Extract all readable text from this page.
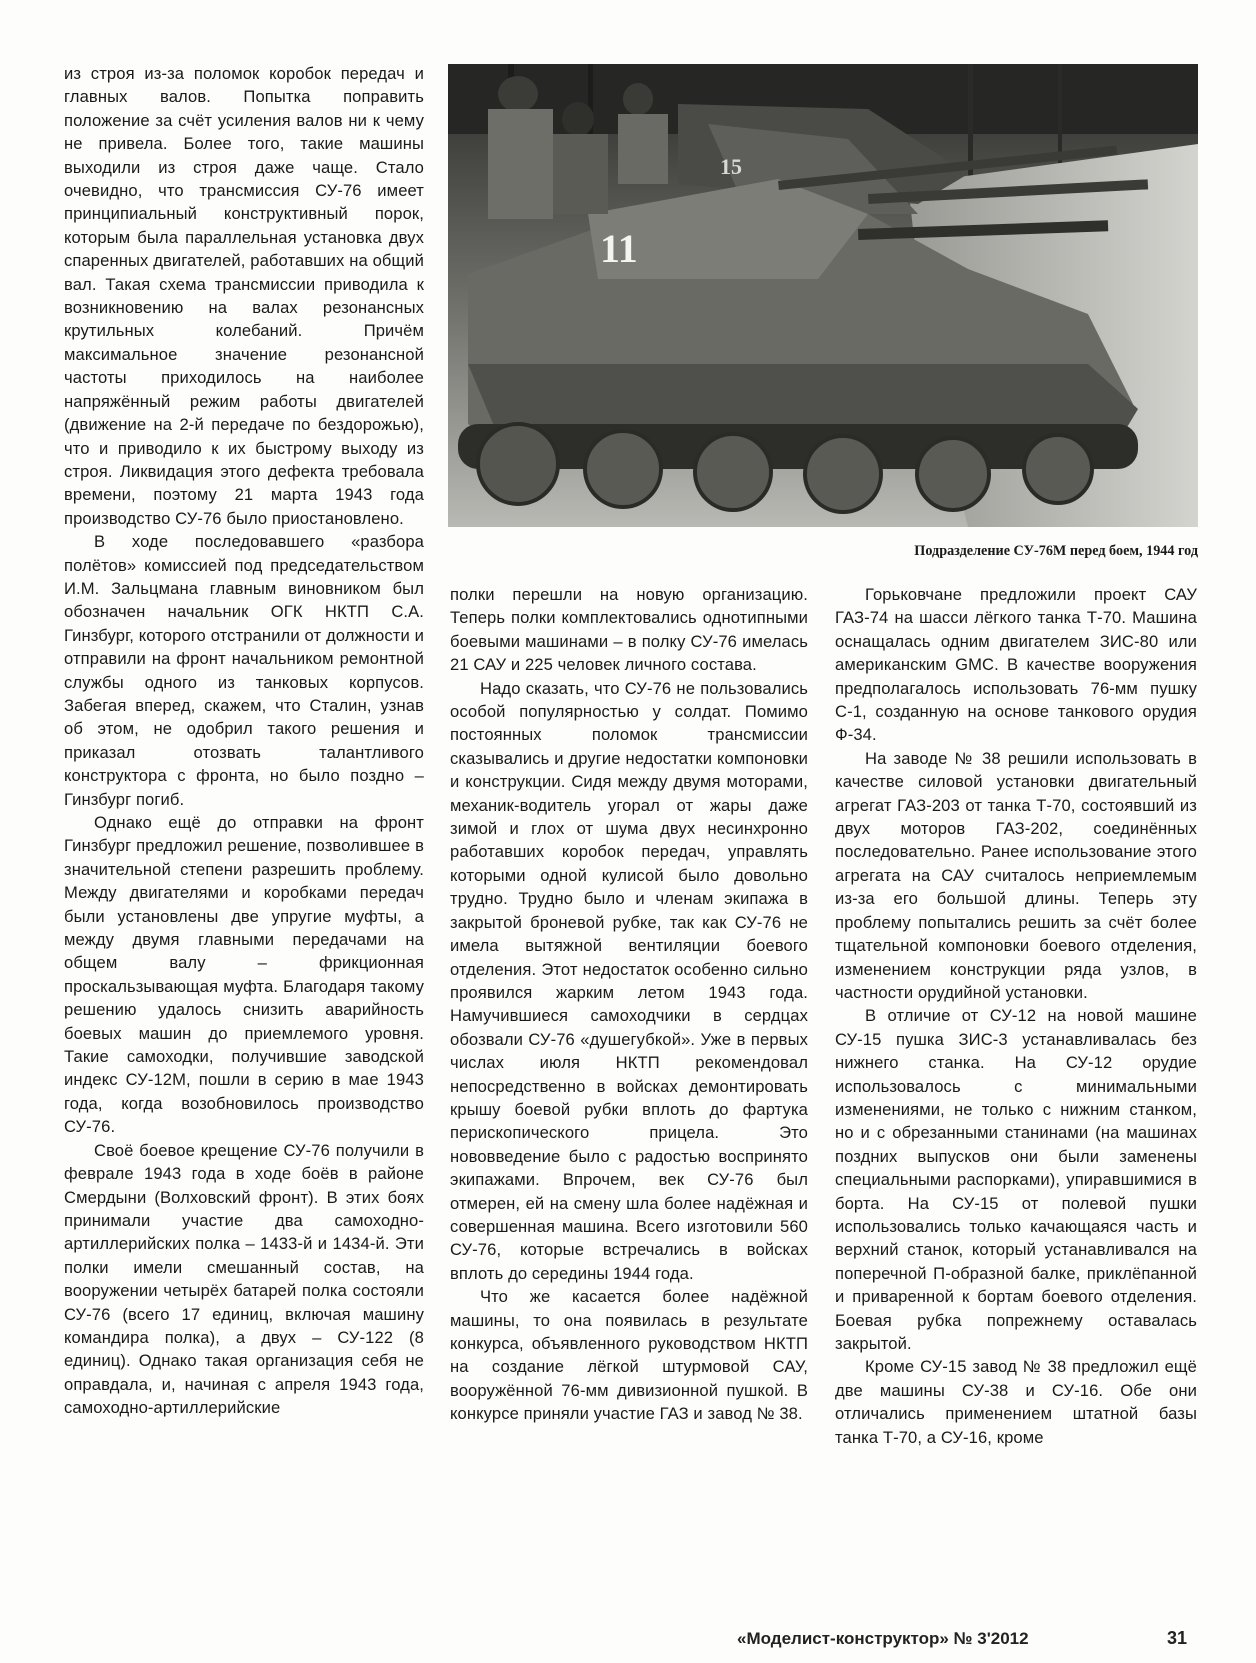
из строя из-за поломок коробок передач и главных валов. Попытка поправить положение за счёт усиления валов ни к чему не привела. Более того, такие машины выходили из строя даже чаще. Стало очевидно, что трансмиссия СУ-76 имеет принципиальный конструктивный порок, которым была параллельная установка двух спаренных двигателей, работавших на общий вал. Такая схема трансмиссии приводила к возникновению на валах резонансных крутильных колебаний. Причём максимальное значение резонансной частоты приходилось на наиболее напряжённый режим работы двигателей (движение на 2-й передаче по бездорожью), что и приводило к их быстрому выходу из строя. Ликвидация этого дефекта требовала времени, поэтому 21 марта 1943 года производство СУ-76 было приостановлено.

В ходе последовавшего «разбора полётов» комиссией под председательством И.М. Зальцмана главным виновником был обозначен начальник ОГК НКТП С.А. Гинзбург, которого отстранили от должности и отправили на фронт начальником ремонтной службы одного из танковых корпусов. Забегая вперед, скажем, что Сталин, узнав об этом, не одобрил такого решения и приказал отозвать талантливого конструктора с фронта, но было поздно – Гинзбург погиб.

Однако ещё до отправки на фронт Гинзбург предложил решение, позволившее в значительной степени разрешить проблему. Между двигателями и коробками передач были установлены две упругие муфты, а между двумя главными передачами на общем валу – фрикционная проскальзывающая муфта. Благодаря такому решению удалось снизить аварийность боевых машин до приемлемого уровня. Такие самоходки, получившие заводской индекс СУ-12М, пошли в серию в мае 1943 года, когда возобновилось производство СУ-76.

Своё боевое крещение СУ-76 получили в феврале 1943 года в ходе боёв в районе Смердыни (Волховский фронт). В этих боях принимали участие два самоходно-артиллерийских полка – 1433-й и 1434-й. Эти полки имели смешанный состав, на вооружении четырёх батарей полка состояли СУ-76 (всего 17 единиц, включая машину командира полка), а двух – СУ-122 (8 единиц). Однако такая организация себя не оправдала, и, начиная с апреля 1943 года, самоходно-артиллерийские

15
11
Подразделение СУ-76М перед боем, 1944 год

полки перешли на новую организацию. Теперь полки комплектовались однотипными боевыми машинами – в полку СУ-76 имелась 21 САУ и 225 человек личного состава.

Надо сказать, что СУ-76 не пользовались особой популярностью у солдат. Помимо постоянных поломок трансмиссии сказывались и другие недостатки компоновки и конструкции. Сидя между двумя моторами, механик-водитель угорал от жары даже зимой и глох от шума двух несинхронно работавших коробок передач, управлять которыми одной кулисой было довольно трудно. Трудно было и членам экипажа в закрытой броневой рубке, так как СУ-76 не имела вытяжной вентиляции боевого отделения. Этот недостаток особенно сильно проявился жарким летом 1943 года. Намучившиеся самоходчики в сердцах обозвали СУ-76 «душегубкой». Уже в первых числах июля НКТП рекомендовал непосредственно в войсках демонтировать крышу боевой рубки вплоть до фартука перископического прицела. Это нововведение было с радостью воспринято экипажами. Впрочем, век СУ-76 был отмерен, ей на смену шла более надёжная и совершенная машина. Всего изготовили 560 СУ-76, которые встречались в войсках вплоть до середины 1944 года.

Что же касается более надёжной машины, то она появилась в результате конкурса, объявленного руководством НКТП на создание лёгкой штурмовой САУ, вооружённой 76-мм дивизионной пушкой. В конкурсе приняли участие ГАЗ и завод № 38.

Горьковчане предложили проект САУ ГАЗ-74 на шасси лёгкого танка Т-70. Машина оснащалась одним двигателем ЗИС-80 или американским GMC. В качестве вооружения предполагалось использовать 76-мм пушку С-1, созданную на основе танкового орудия Ф-34.

На заводе № 38 решили использовать в качестве силовой установки двигательный агрегат ГАЗ-203 от танка Т-70, состоявший из двух моторов ГАЗ-202, соединённых последовательно. Ранее использование этого агрегата на САУ считалось неприемлемым из-за его большой длины. Теперь эту проблему попытались решить за счёт более тщательной компоновки боевого отделения, изменением конструкции ряда узлов, в частности орудийной установки.

В отличие от СУ-12 на новой машине СУ-15 пушка ЗИС-3 устанавливалась без нижнего станка. На СУ-12 орудие использовалось с минимальными изменениями, не только с нижним станком, но и с обрезанными станинами (на машинах поздних выпусков они были заменены специальными распорками), упиравшимися в борта. На СУ-15 от полевой пушки использовались только качающаяся часть и верхний станок, который устанавливался на поперечной П-образной балке, приклёпанной и приваренной к бортам боевого отделения. Боевая рубка попрежнему оставалась закрытой.

Кроме СУ-15 завод № 38 предложил ещё две машины СУ-38 и СУ-16. Обе они отличались применением штатной базы танка Т-70, а СУ-16, кроме

«Моделист-конструктор» № 3'2012	31
